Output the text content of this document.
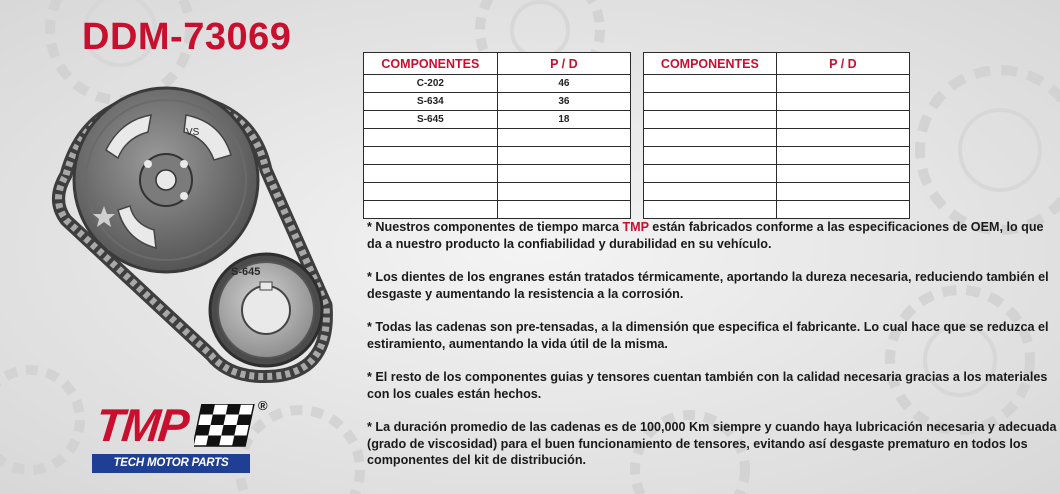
DDM-73069
VS
S-645
COMPONENTES	P / D
C-202	46
S-634	36
S-645	18

COMPONENTES	P / D

* Nuestros componentes de tiempo marca TMP están fabricados conforme a las especificaciones de OEM, lo que da a nuestro producto la confiabilidad y durabilidad en su vehículo.

* Los dientes de los engranes están tratados térmicamente, aportando la dureza necesaria, reduciendo también el desgaste y aumentando la resistencia a la corrosión.

* Todas las cadenas son pre-tensadas, a la dimensión que especifica el fabricante. Lo cual hace que se reduzca el estiramiento, aumentando la vida útil de la misma.

* El resto de los componentes guias y tensores cuentan también con la calidad necesaria gracias a los materiales con los cuales están hechos.

* La duración promedio de las cadenas es de 100,000 Km siempre y cuando haya lubricación necesaria y adecuada (grado de viscosidad) para el buen funcionamiento de tensores, evitando así desgaste prematuro en todos los componentes del kit de distribución.

TMP	®
TECH MOTOR PARTS
